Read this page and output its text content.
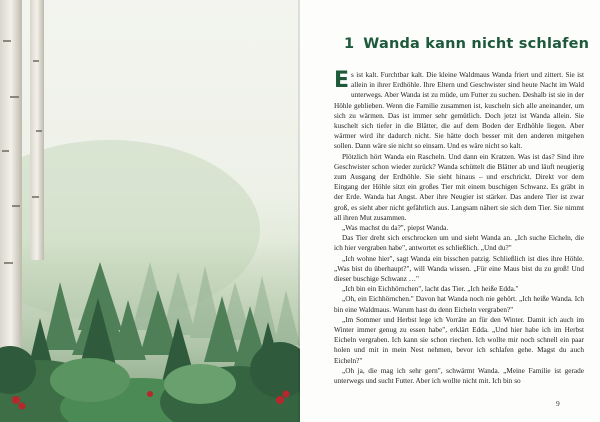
1 Wanda kann nicht schlafen

Es ist kalt. Furchtbar kalt. Die kleine Waldmaus Wanda friert und zittert. Sie ist allein in ihrer Erdhöhle. Ihre Eltern und Geschwister sind heute Nacht im Wald unterwegs. Aber Wanda ist zu müde, um Futter zu suchen. Deshalb ist sie in der Höhle geblieben. Wenn die Familie zusammen ist, kuscheln sich alle aneinander, um sich zu wärmen. Das ist immer sehr gemütlich. Doch jetzt ist Wanda allein. Sie kuschelt sich tiefer in die Blätter, die auf dem Boden der Erdhöhle liegen. Aber wärmer wird ihr dadurch nicht. Sie hätte doch besser mit den anderen mitgehen sollen. Dann wäre sie nicht so einsam. Und es wäre nicht so kalt.

Plötzlich hört Wanda ein Rascheln. Und dann ein Kratzen. Was ist das? Sind ihre Geschwister schon wieder zurück? Wanda schüttelt die Blätter ab und läuft neugierig zum Ausgang der Erdhöhle. Sie sieht hinaus – und erschrickt. Direkt vor dem Eingang der Höhle sitzt ein großes Tier mit einem buschigen Schwanz. Es gräbt in der Erde. Wanda hat Angst. Aber ihre Neugier ist stärker. Das andere Tier ist zwar groß, es sieht aber nicht gefährlich aus. Langsam nähert sie sich dem Tier. Sie nimmt all ihren Mut zusammen.

„Was machst du da?", piepst Wanda.

Das Tier dreht sich erschrocken um und sieht Wanda an. „Ich suche Eicheln, die ich hier vergraben habe", antwortet es schließlich. „Und du?"

„Ich wohne hier", sagt Wanda ein bisschen patzig. Schließlich ist dies ihre Höhle. „Was bist du überhaupt?", will Wanda wissen. „Für eine Maus bist du zu groß! Und dieser buschige Schwanz …"

„Ich bin ein Eichhörnchen", lacht das Tier. „Ich heiße Edda."

„Oh, ein Eichhörnchen." Davon hat Wanda noch nie gehört. „Ich heiße Wanda. Ich bin eine Waldmaus. Warum hast du denn Eicheln vergraben?"

„Im Sommer und Herbst lege ich Vorräte an für den Winter. Damit ich auch im Winter immer genug zu essen habe", erklärt Edda. „Und hier habe ich im Herbst Eicheln vergraben. Ich kann sie schon riechen. Ich wollte mir noch schnell ein paar holen und mit in mein Nest nehmen, bevor ich schlafen gehe. Magst du auch Eicheln?"

„Oh ja, die mag ich sehr gern", schwärmt Wanda. „Meine Familie ist gerade unterwegs und sucht Futter. Aber ich wollte nicht mit. Ich bin so

9
